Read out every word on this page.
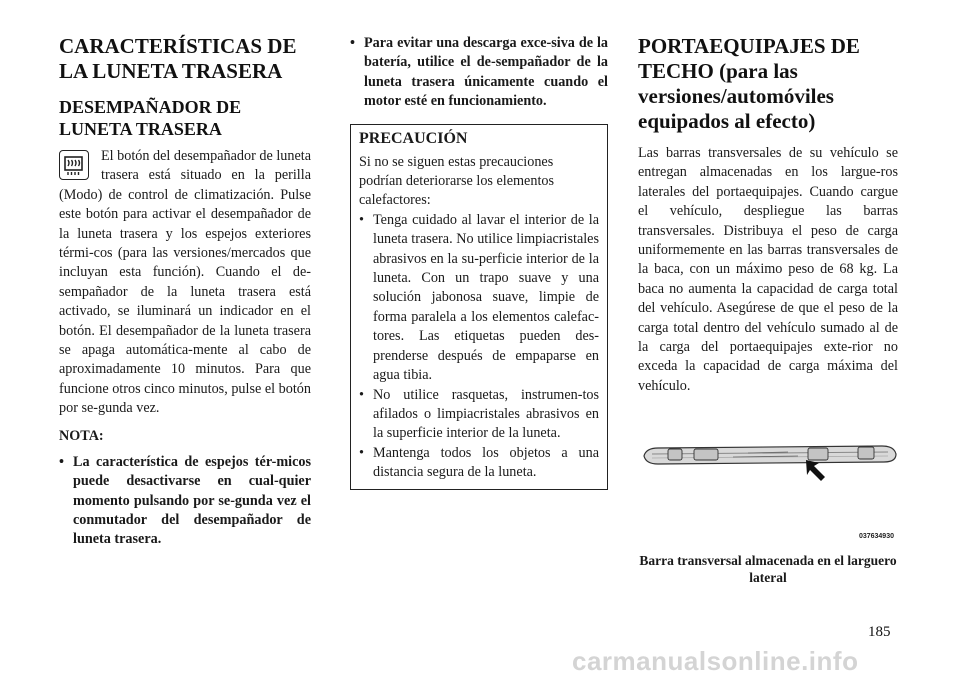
CARACTERÍSTICAS DE LA LUNETA TRASERA
DESEMPAÑADOR DE LUNETA TRASERA

El botón del desempañador de luneta trasera está situado en la perilla (Modo) de control de climatización. Pulse este botón para activar el desempañador de la luneta trasera y los espejos exteriores térmi-cos (para las versiones/mercados que incluyan esta función). Cuando el de-sempañador de la luneta trasera está activado, se iluminará un indicador en el botón. El desempañador de la luneta trasera se apaga automática-mente al cabo de aproximadamente 10 minutos. Para que funcione otros cinco minutos, pulse el botón por se-gunda vez.

NOTA:
• La característica de espejos tér-micos puede desactivarse en cual-quier momento pulsando por se-gunda vez el conmutador del desempañador de luneta trasera.
• Para evitar una descarga exce-siva de la batería, utilice el de-sempañador de la luneta trasera únicamente cuando el motor esté en funcionamiento.
PRECAUCIÓN

Si no se siguen estas precauciones podrían deteriorarse los elementos calefactores:

• Tenga cuidado al lavar el interior de la luneta trasera. No utilice limpiacristales abrasivos en la su-perficie interior de la luneta. Con un trapo suave y una solución jabonosa suave, limpie de forma paralela a los elementos calefac-tores. Las etiquetas pueden des-prenderse después de empaparse en agua tibia.
• No utilice rasquetas, instrumen-tos afilados o limpiacristales abrasivos en la superficie interior de la luneta.
• Mantenga todos los objetos a una distancia segura de la luneta.
PORTAEQUIPAJES DE TECHO (para las versiones/automóviles equipados al efecto)

Las barras transversales de su vehículo se entregan almacenadas en los largue-ros laterales del portaequipajes. Cuando cargue el vehículo, despliegue las barras transversales. Distribuya el peso de carga uniformemente en las barras transversales de la baca, con un máximo peso de 68 kg. La baca no aumenta la capacidad de carga total del vehículo. Asegúrese de que el peso de la carga total dentro del vehículo sumado al de la carga del portaequipajes exte-rior no exceda la capacidad de carga máxima del vehículo.

037634930
Barra transversal almacenada en el larguero lateral
185
carmanualsonline.info
